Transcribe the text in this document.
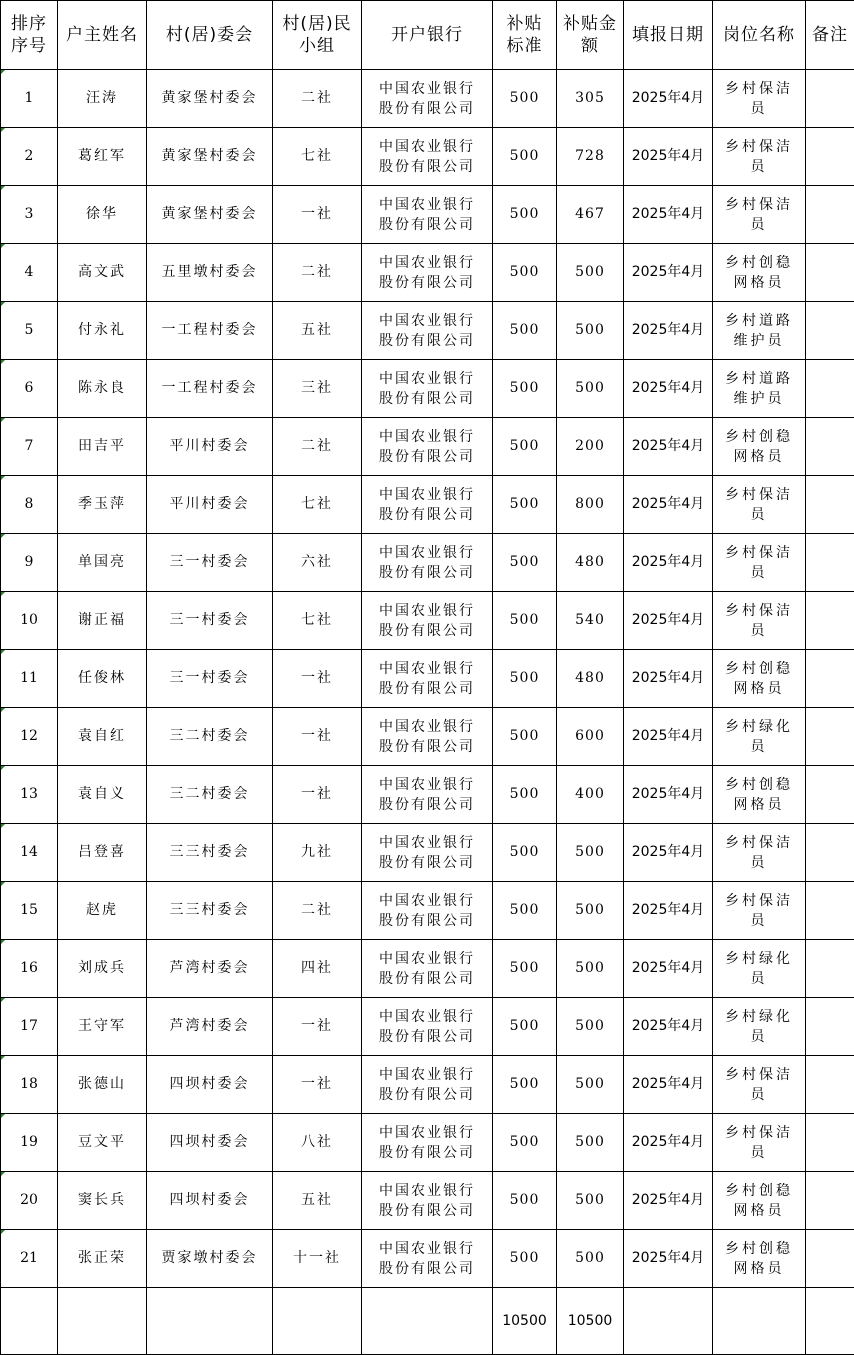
排序
序号	户主姓名	村(居)委会	村(居)民
小组	开户银行	补贴
标准	补贴金
额	填报日期	岗位名称	备注
1	汪涛	黄家堡村委会	二社	中国农业银行
股份有限公司	500	305	2025年4月	乡村保洁
员	
2	葛红军	黄家堡村委会	七社	中国农业银行
股份有限公司	500	728	2025年4月	乡村保洁
员	
3	徐华	黄家堡村委会	一社	中国农业银行
股份有限公司	500	467	2025年4月	乡村保洁
员	
4	高文武	五里墩村委会	二社	中国农业银行
股份有限公司	500	500	2025年4月	乡村创稳
网格员	
5	付永礼	一工程村委会	五社	中国农业银行
股份有限公司	500	500	2025年4月	乡村道路
维护员	
6	陈永良	一工程村委会	三社	中国农业银行
股份有限公司	500	500	2025年4月	乡村道路
维护员	
7	田吉平	平川村委会	二社	中国农业银行
股份有限公司	500	200	2025年4月	乡村创稳
网格员	
8	季玉萍	平川村委会	七社	中国农业银行
股份有限公司	500	800	2025年4月	乡村保洁
员	
9	单国亮	三一村委会	六社	中国农业银行
股份有限公司	500	480	2025年4月	乡村保洁
员	
10	谢正福	三一村委会	七社	中国农业银行
股份有限公司	500	540	2025年4月	乡村保洁
员	
11	任俊林	三一村委会	一社	中国农业银行
股份有限公司	500	480	2025年4月	乡村创稳
网格员	
12	袁自红	三二村委会	一社	中国农业银行
股份有限公司	500	600	2025年4月	乡村绿化
员	
13	袁自义	三二村委会	一社	中国农业银行
股份有限公司	500	400	2025年4月	乡村创稳
网格员	
14	吕登喜	三三村委会	九社	中国农业银行
股份有限公司	500	500	2025年4月	乡村保洁
员	
15	赵虎	三三村委会	二社	中国农业银行
股份有限公司	500	500	2025年4月	乡村保洁
员	
16	刘成兵	芦湾村委会	四社	中国农业银行
股份有限公司	500	500	2025年4月	乡村绿化
员	
17	王守军	芦湾村委会	一社	中国农业银行
股份有限公司	500	500	2025年4月	乡村绿化
员	
18	张德山	四坝村委会	一社	中国农业银行
股份有限公司	500	500	2025年4月	乡村保洁
员	
19	豆文平	四坝村委会	八社	中国农业银行
股份有限公司	500	500	2025年4月	乡村保洁
员	
20	窦长兵	四坝村委会	五社	中国农业银行
股份有限公司	500	500	2025年4月	乡村创稳
网格员	
21	张正荣	贾家墩村委会	十一社	中国农业银行
股份有限公司	500	500	2025年4月	乡村创稳
网格员	
					10500	10500			
